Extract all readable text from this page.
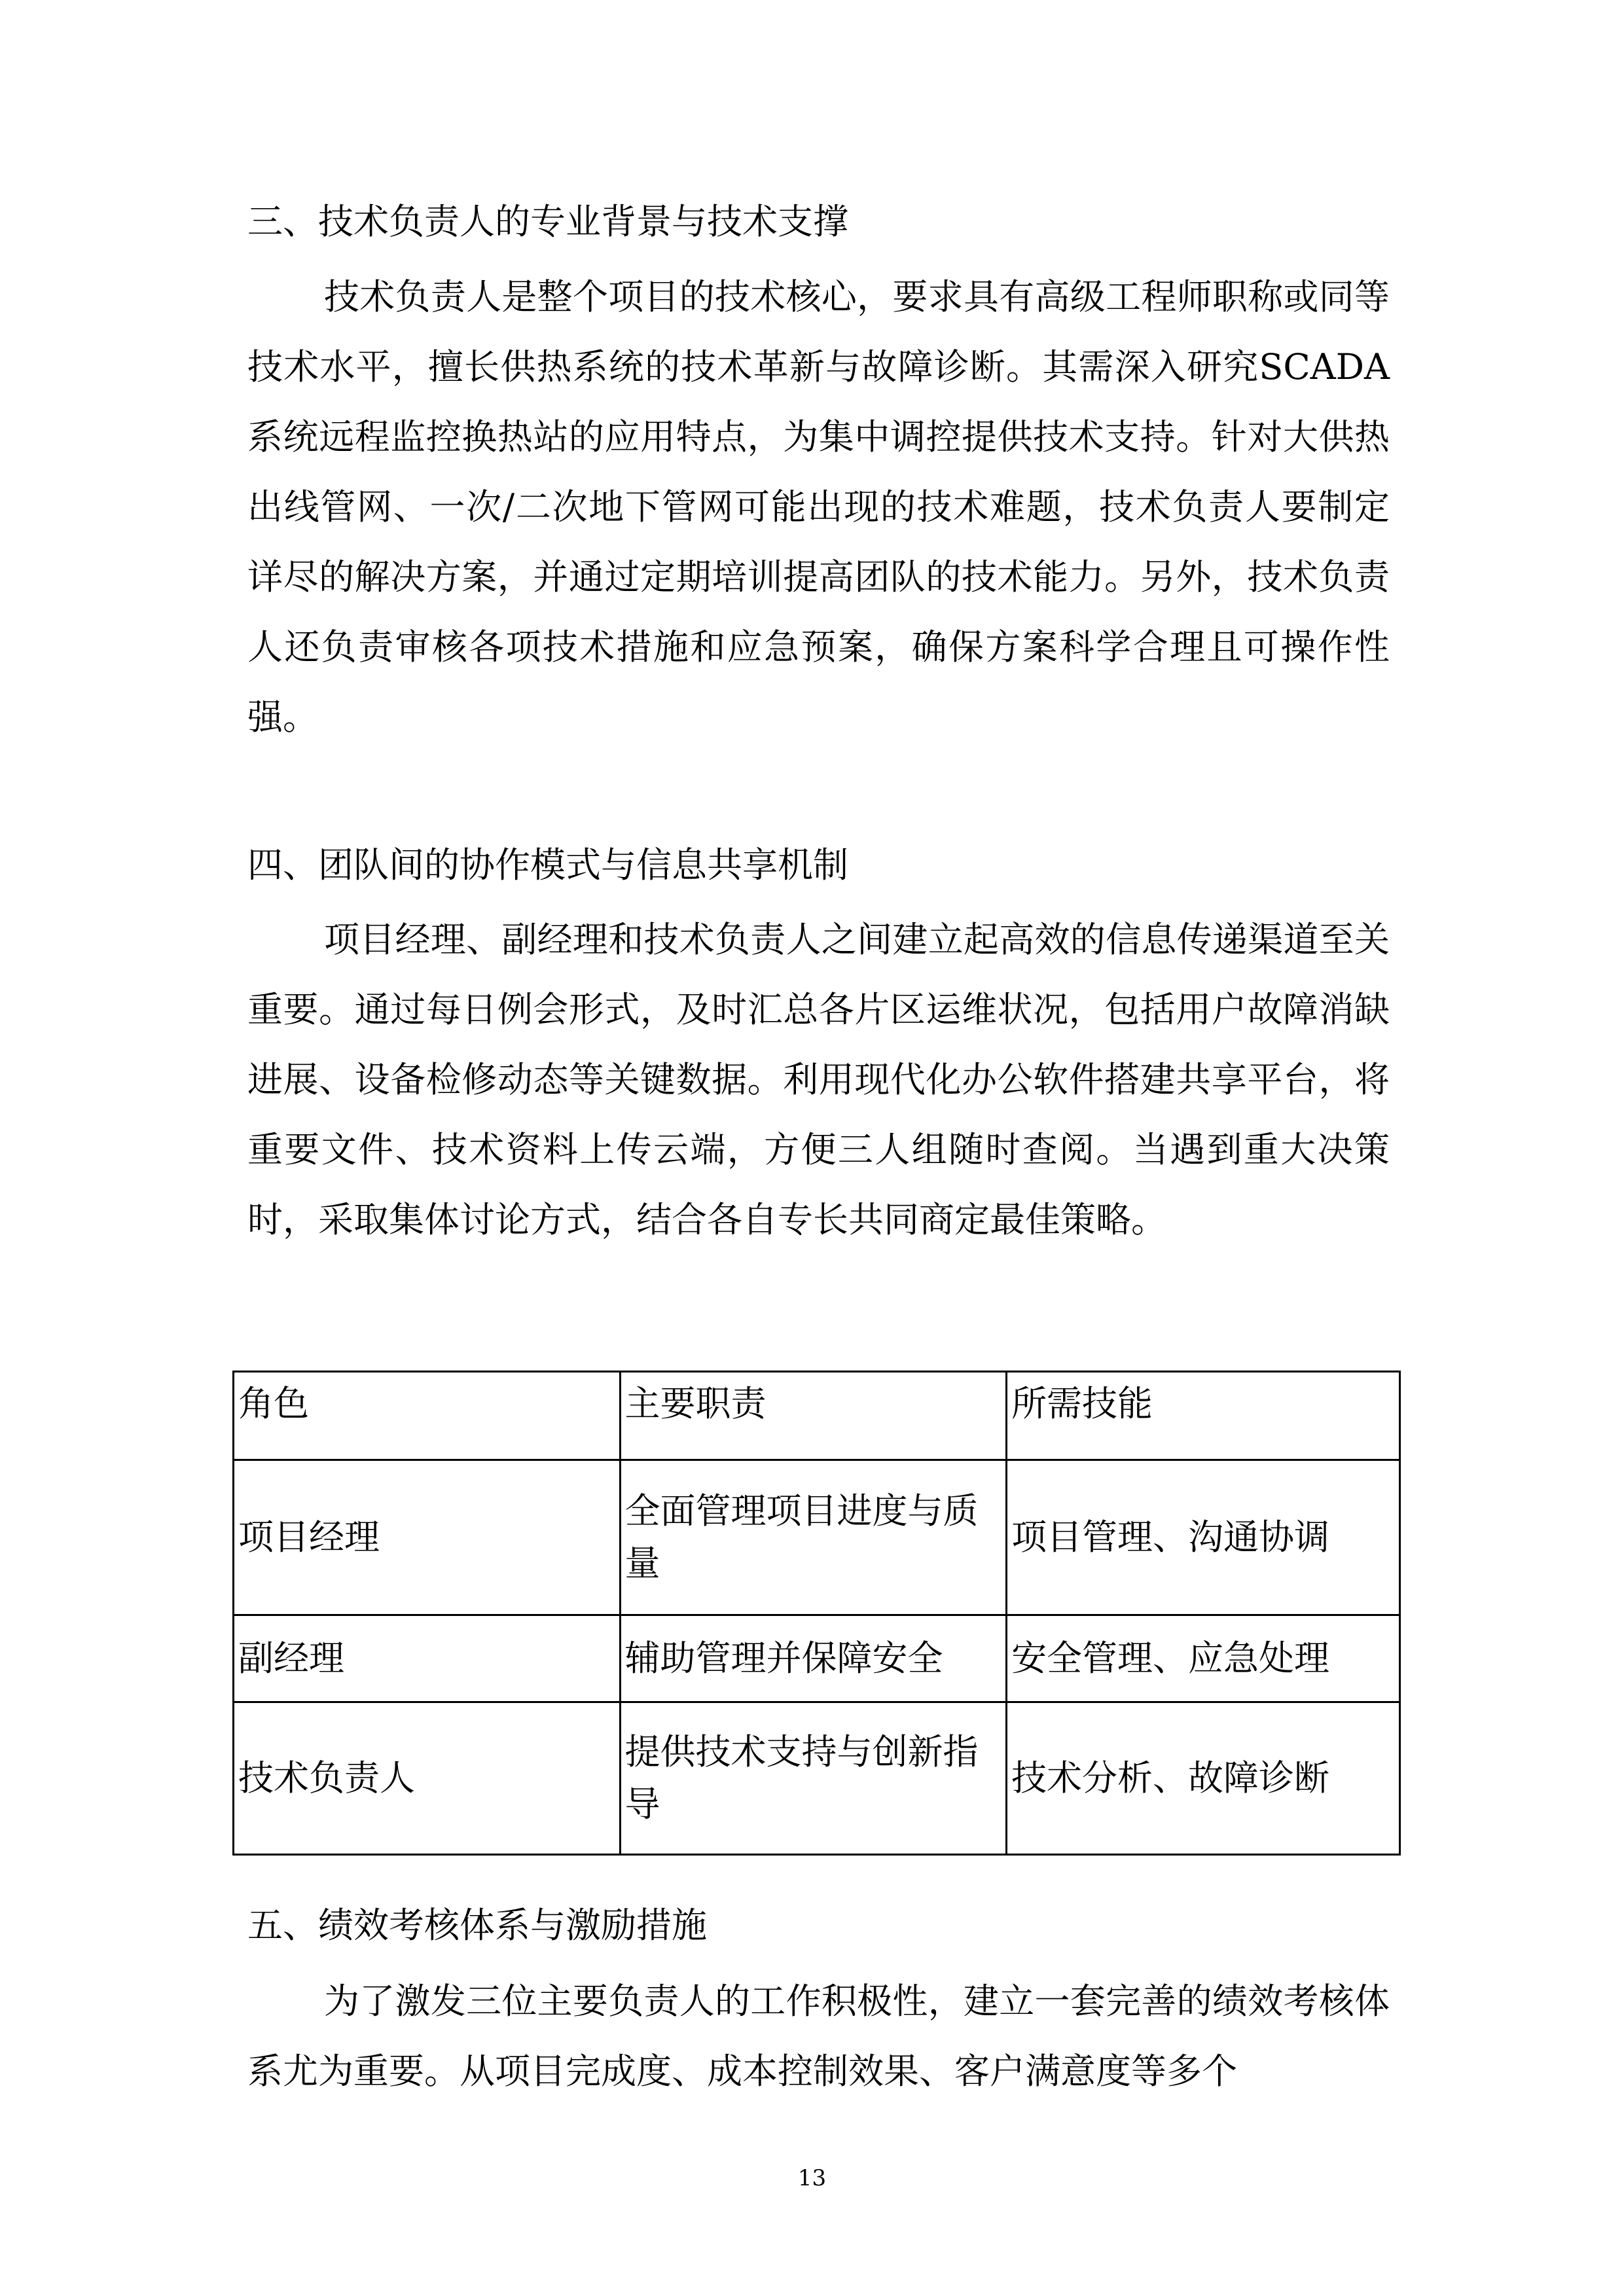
三、技术负责人的专业背景与技术支撑

技术负责人是整个项目的技术核心，要求具有高级工程师职称或同等技术水平，擅长供热系统的技术革新与故障诊断。其需深入研究SCADA系统远程监控换热站的应用特点，为集中调控提供技术支持。针对大供热出线管网、一次/二次地下管网可能出现的技术难题，技术负责人要制定详尽的解决方案，并通过定期培训提高团队的技术能力。另外，技术负责人还负责审核各项技术措施和应急预案，确保方案科学合理且可操作性强。

四、团队间的协作模式与信息共享机制

项目经理、副经理和技术负责人之间建立起高效的信息传递渠道至关重要。通过每日例会形式，及时汇总各片区运维状况，包括用户故障消缺进展、设备检修动态等关键数据。利用现代化办公软件搭建共享平台，将重要文件、技术资料上传云端，方便三人组随时查阅。当遇到重大决策时，采取集体讨论方式，结合各自专长共同商定最佳策略。

角色	主要职责	所需技能
项目经理	全面管理项目进度与质量	项目管理、沟通协调
副经理	辅助管理并保障安全	安全管理、应急处理
技术负责人	提供技术支持与创新指导	技术分析、故障诊断
五、绩效考核体系与激励措施

为了激发三位主要负责人的工作积极性，建立一套完善的绩效考核体系尤为重要。从项目完成度、成本控制效果、客户满意度等多个

13
